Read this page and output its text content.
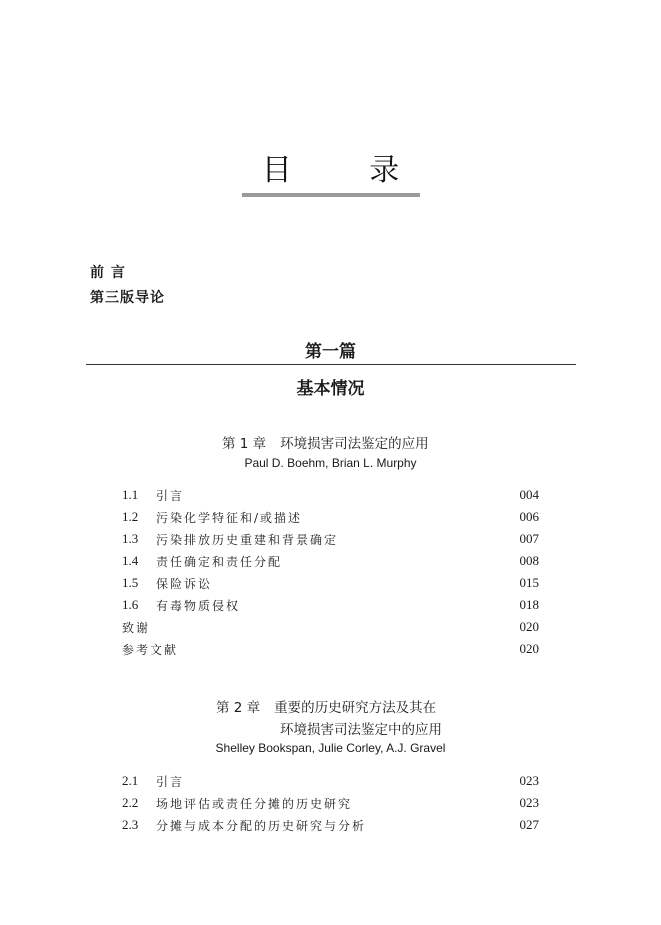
目 录
前 言
第三版导论
第一篇
基本情况
第 1 章 环境损害司法鉴定的应用
Paul D. Boehm, Brian L. Murphy
1.1	引言	004
1.2	污染化学特征和/或描述	006
1.3	污染排放历史重建和背景确定	007
1.4	责任确定和责任分配	008
1.5	保险诉讼	015
1.6	有毒物质侵权	018
致谢	020
参考文献	020
第 2 章 重要的历史研究方法及其在
环境损害司法鉴定中的应用
Shelley Bookspan, Julie Corley, A.J. Gravel
2.1	引言	023
2.2	场地评估或责任分摊的历史研究	023
2.3	分摊与成本分配的历史研究与分析	027
